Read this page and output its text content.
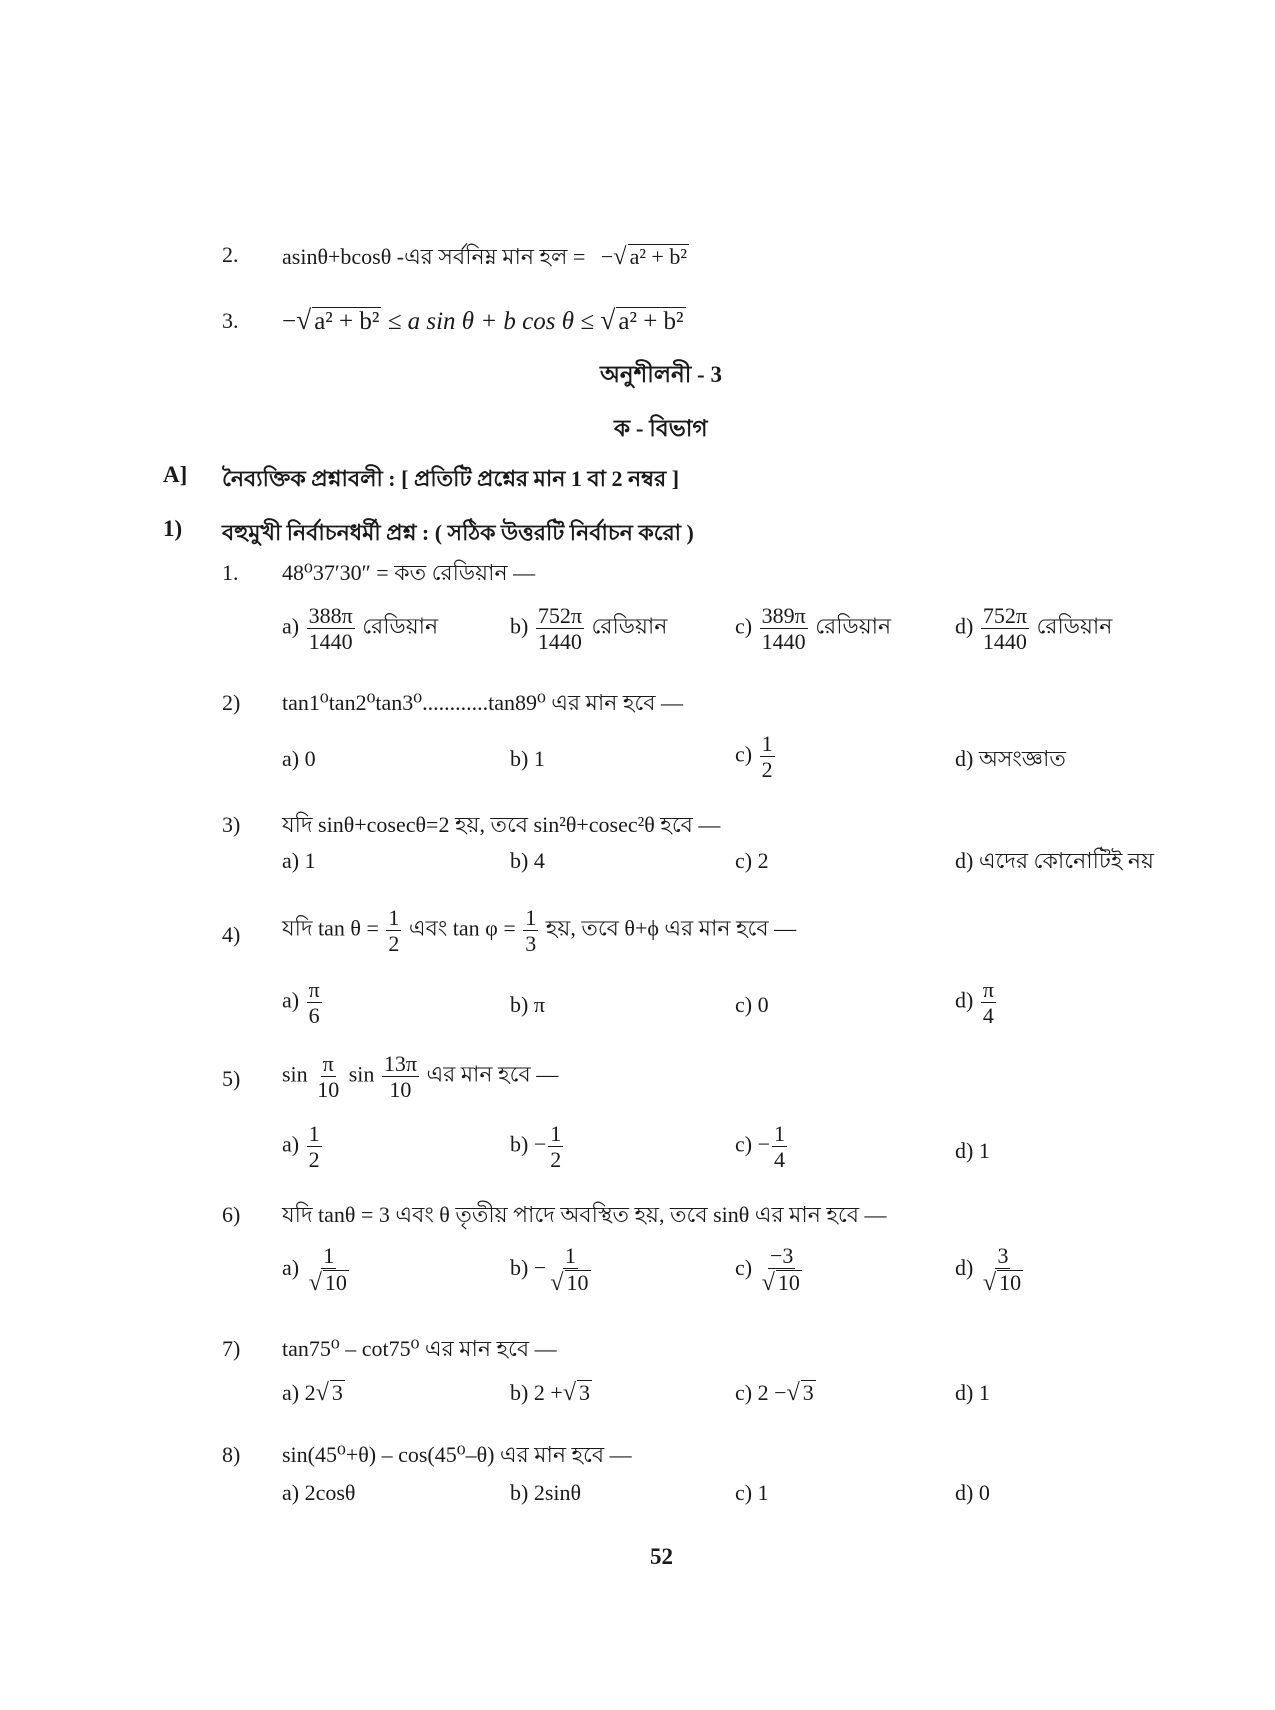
2. asinθ+bcosθ -এর সর্বনিম্ন মান হল = −√ a² + b²
3. −√ a² + b² ≤ a sin θ + b cos θ ≤ √ a² + b²
অনুশীলনী - 3
ক - বিভাগ
A] নৈব্যক্তিক প্রশ্নাবলী : [ প্রতিটি প্রশ্নের মান 1 বা 2 নম্বর ]
1) বহুমুখী নির্বাচনধর্মী প্রশ্ন : ( সঠিক উত্তরটি নির্বাচন করো )
1. 48⁰37′30″ = কত রেডিয়ান —
$a) \frac{388\pi}{1440}$ রেডিয়ান	$b) \frac{752\pi}{1440}$ রেডিয়ান	$c) \frac{389\pi}{1440}$ রেডিয়ান	$d) \frac{752\pi}{1440}$ রেডিয়ান
2) tan1⁰tan2⁰tan3⁰............tan89⁰ এর মান হবে —
a) 0	b) 1	$c) \frac{1}{2}$	d) অসংজ্ঞাত
3) যদি sinθ+cosecθ=2 হয়, তবে sin²θ+cosec²θ হবে —
a) 1	b) 4	c) 2	d) এদের কোনোটিই নয়
4) যদি $\tan \theta = \frac{1}{2}$ এবং $\tan \varphi = \frac{1}{3}$ হয়, তবে θ+ϕ এর মান হবে —
$a) \frac{\pi}{6}$	b) π	c) 0	$d) \frac{\pi}{4}$
5) $\sin \frac{\pi}{10}$ $\sin \frac{13\pi}{10}$ এর মান হবে —
$a) \frac{1}{2}$	$b) - \frac{1}{2}$	$c) - \frac{1}{4}$	d) 1
6) যদি tanθ = 3 এবং θ তৃতীয় পাদে অবস্থিত হয়, তবে sinθ এর মান হবে —
$a) \frac{1}{√ 10}$	$b) - \frac{1}{√ 10}$	$c) \frac{-3}{√ 10}$	$d) \frac{3}{√ 10}$
7) tan75⁰ – cot75⁰ এর মান হবে —
a) 2√ 3	b) 2 +√ 3	c) 2 −√ 3	d) 1
8) sin(45⁰+θ) – cos(45⁰–θ) এর মান হবে —
a) 2cosθ	b) 2sinθ	c) 1	d) 0
52
